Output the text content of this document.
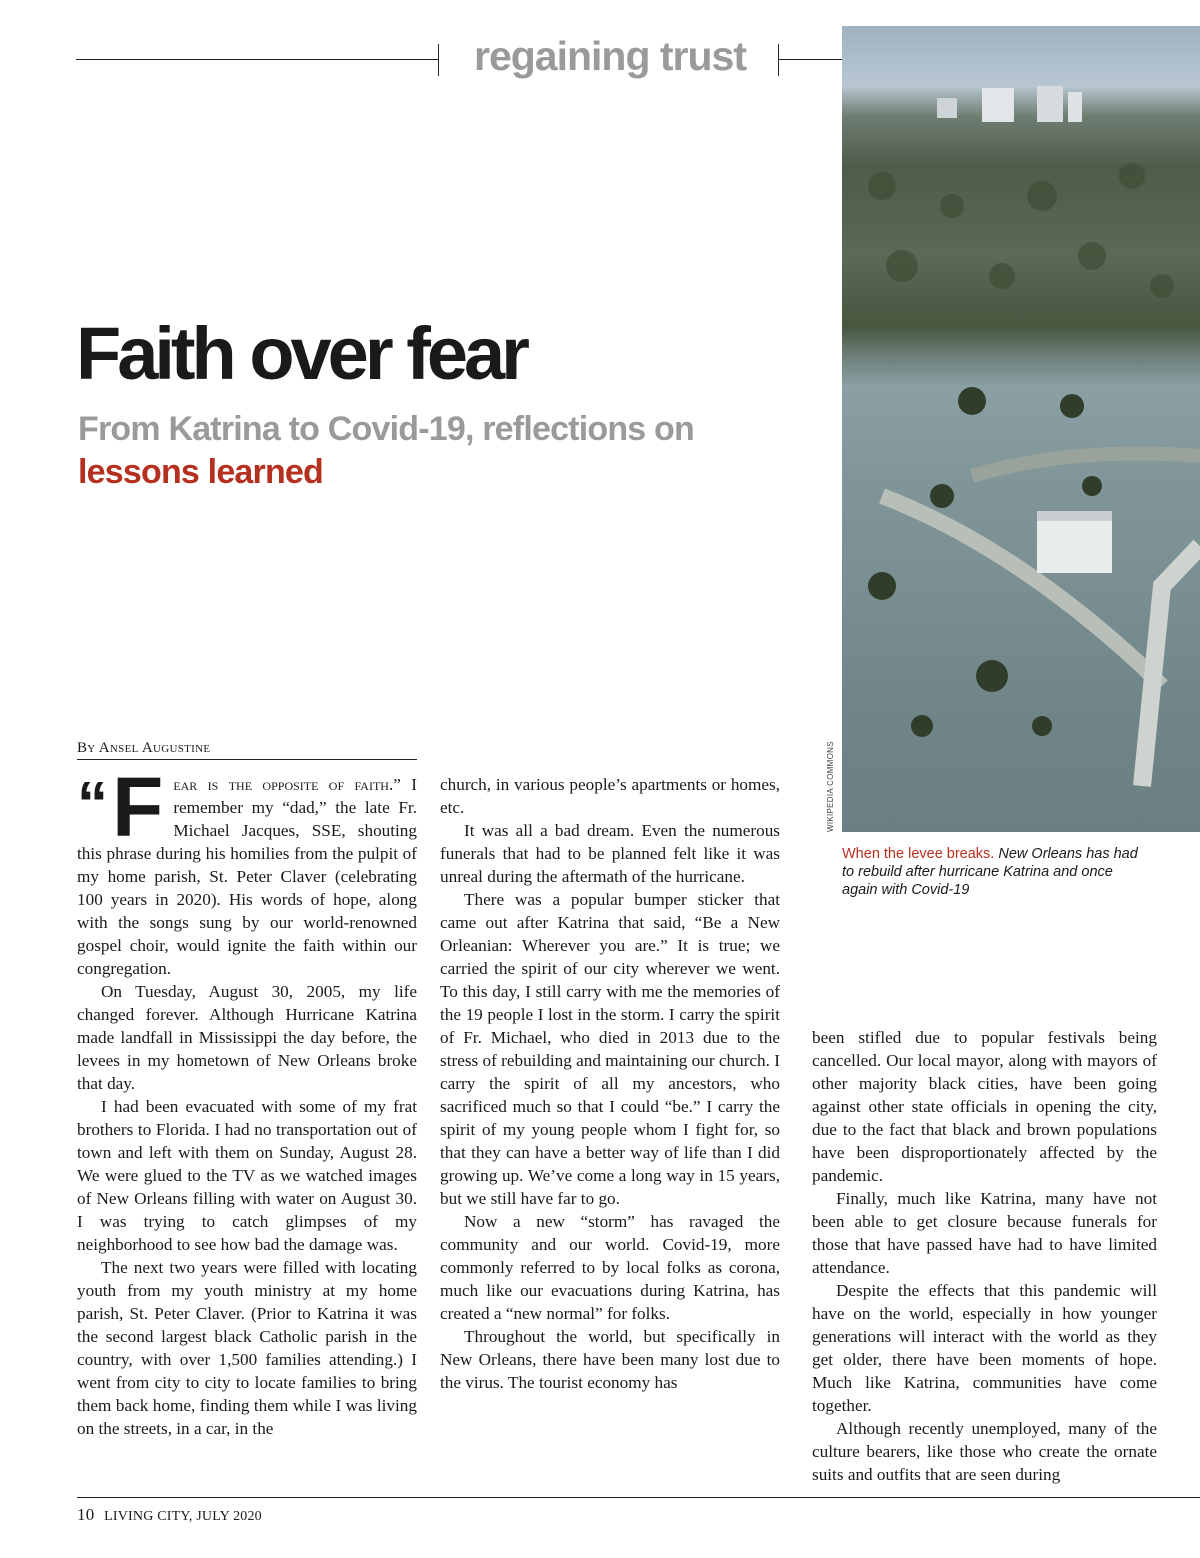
regaining trust
WIKIPEDIA COMMONS
When the levee breaks. New Orleans has had to rebuild after hurricane Katrina and once again with Covid-19
Faith over fear
From Katrina to Covid-19, reflections on lessons learned
By Ansel Augustine

“ F ear is the opposite of faith.” I remember my “dad,” the late Fr. Michael Jacques, SSE, shouting this phrase during his homilies from the pulpit of my home parish, St. Peter Claver (celebrating 100 years in 2020). His words of hope, along with the songs sung by our world-renowned gospel choir, would ignite the faith within our congregation.

On Tuesday, August 30, 2005, my life changed forever. Although Hurricane Katrina made landfall in Mississippi the day before, the levees in my hometown of New Orleans broke that day.

I had been evacuated with some of my frat brothers to Florida. I had no transportation out of town and left with them on Sunday, August 28. We were glued to the TV as we watched images of New Orleans filling with water on August 30. I was trying to catch glimpses of my neighborhood to see how bad the damage was.

The next two years were filled with locating youth from my youth ministry at my home parish, St. Peter Claver. (Prior to Katrina it was the second largest black Catholic parish in the country, with over 1,500 families attending.) I went from city to city to locate families to bring them back home, finding them while I was living on the streets, in a car, in the

church, in various people’s apartments or homes, etc.

It was all a bad dream. Even the numerous funerals that had to be planned felt like it was unreal during the aftermath of the hurricane.

There was a popular bumper sticker that came out after Katrina that said, “Be a New Orleanian: Wherever you are.” It is true; we carried the spirit of our city wherever we went. To this day, I still carry with me the memories of the 19 people I lost in the storm. I carry the spirit of Fr. Michael, who died in 2013 due to the stress of rebuilding and maintaining our church. I carry the spirit of all my ancestors, who sacrificed much so that I could “be.” I carry the spirit of my young people whom I fight for, so that they can have a better way of life than I did growing up. We’ve come a long way in 15 years, but we still have far to go.

Now a new “storm” has ravaged the community and our world. Covid-19, more commonly referred to by local folks as corona, much like our evacuations during Katrina, has created a “new normal” for folks.

Throughout the world, but specifically in New Orleans, there have been many lost due to the virus. The tourist economy has

been stifled due to popular festivals being cancelled. Our local mayor, along with mayors of other majority black cities, have been going against other state officials in opening the city, due to the fact that black and brown populations have been disproportionately affected by the pandemic.

Finally, much like Katrina, many have not been able to get closure because funerals for those that have passed have had to have limited attendance.

Despite the effects that this pandemic will have on the world, especially in how younger generations will interact with the world as they get older, there have been moments of hope. Much like Katrina, communities have come together.

Although recently unemployed, many of the culture bearers, like those who create the ornate suits and outfits that are seen during

10 LIVING CITY, JULY 2020
